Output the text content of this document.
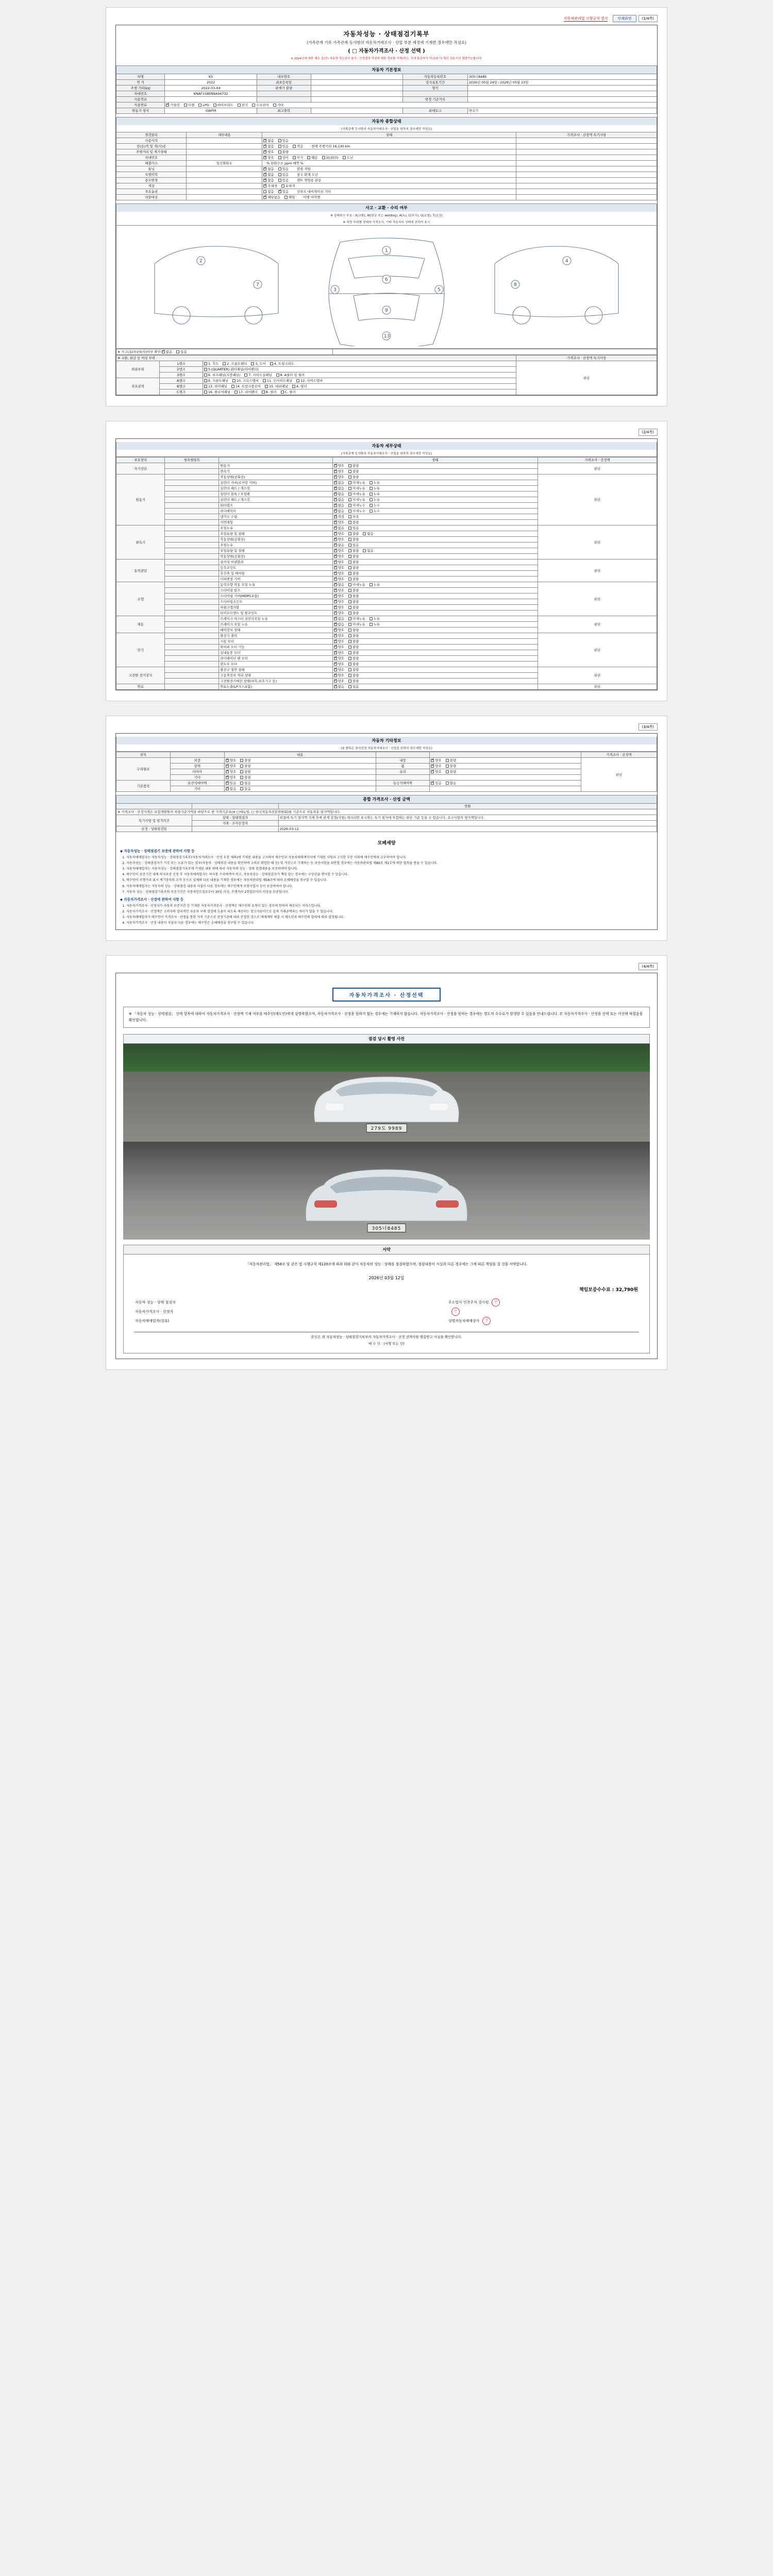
자동차관리법 시행규칙 별지	인쇄화면	(1/4쪽)
자동차성능 · 상태점검기록부
(가족관계 기록 가족관계 등사항의 자동차거래조사 · 산업 부분 제정에 기재한 경우에만 작성요)
( □ 자동차가격조사 · 산정 선택 )
※ 2024년에 대한 제조 공(중) 자동차 성능검사 표시 · 산정결과 작성에 대한 정보를 기재(하고, 국내 통관자가 아닌(표기) 확인·검토서의 생략가능합니다.
자동차 기본정보
차명	K5	내부번호		자동차등록번호	305너8485
연 식	2022	최초등록일		검사유효기간	2026년 05월 24일~2026년 05월 23일
주행 거리(㎞)	2022-03-04	판매가 불량		형식	
차대번호	KNAF1S8EN8A94732				
사용연료				변경 기준가치	
사용연료	✓가솔린 디젤 LPG 하이브리드 전기 수소전지 기타
원동기 형식	GWFM	최고출력		최대토크	변속기
자동차 종합상태
(가족관계 등사항의 자동차거래조사 · 산업을 원하지 경우에만 작성요)
점검항목	세부내용	상태	가격조사 · 산정액 특기사항
사용이력		✓없음 있음	
전(용)적 및 개(사)용		✓없음 있음 적음 현재 주행거리 16,130 km	
주행거리 및 계기상태		✓양호 불량	
차대번호		✓양호 상이 부식 훼손 封(封印) 도난	
배출가스	일산화탄소	% 탄화수소 ppm 매연 %	
튜닝		✓없음 있음 불법 적법	
특별이력		✓없음 있음 침수 화재 도난	
용도변경		✓없음 있음 렌트 영업용 관용	
색상		✓무채색 유채색	
주요옵션		없음 ✓ 있음 선루프 내비게이션 기타	
리콜대상		✓해당없음 해당 이행 미이행	
사고 · 교환 · 수리 여부
※ 상태표시 부호 : X(교환), W(판금 또는 welding), A(녹), C(부식), U(요철), T(손상)
※ 차량 부위별 상태의 가격조사, 기타 자동차의 상태에 관하여 표시
1
6
9
13
3	5
2
7
4
8
※ 사고(유(부)의(사)여부 확인 ✓ 없음	있음	
※ 교환, 판금 등 이상 부위			가격조사 · 산정액 특기사항
외판부위	1랭크	1. 후드 2. 프론트펜더 3. 도어 4. 트렁크리드	판단
	2랭크	5.(QUARTER) 쿼터패널(리어펜더)	
	3랭크	6. 루프패널(지붕패널) 7. 사이드실패널 8. A필러 및 필러	
주요골격	A랭크	9. 프론트패널 10. 크로스멤버 11. 인사이드패널 12. 사이드멤버	
	B랭크	13. 리어패널 14. 트렁크플로어 15. 대쉬패널 A. 필러	
	C랭크	16. 플로어패널 17. 리어펜더 B. 필러 C. 필러	
(2/4쪽)
자동차 세부상태
(가족관계 등사항의 자동차거래조사 · 산업을 원하지 경우에만 작성요)
주요장치	항목별항목		상태	가격조사 · 산정액
자기진단		원동기	✓양호 불량	판단
		변속기	✓양호 불량
원동기		작동상태(공회전)	✓양호 불량	판단
		실린더 커버(로커암 커버)	✓없음 미세누유 누유
		실린더 헤드 / 개스킷	✓없음 미세누유 누유
		실린더 블록 / 오일팬	✓없음 미세누유 누유
		실린더 헤드 / 개스킷	✓없음 미세누유 누유
		워터펌프	✓없음 미세누수 누수
		라디에이터	✓없음 미세누수 누수
		냉각수 수량	✓적정 부족
		커먼레일	✓양호 불량
변속기		오일누유	✓없음 있음	판단
		오일유량 및 상태	✓양호 불량 없음
		작동상태(공회전)	✓양호 불량
		오일누유	✓없음 있음
		오일유량 및 상태	✓양호 불량 없음
		작동상태(공회전)	✓양호 불량
동력전달		클러치 어셈블리	✓양호 불량	판단
		등속조인트	✓양호 불량
		추진축 및 베어링	✓양호 불량
		디퍼렌셜 기어	✓양호 불량
조향		동력조향 작동 오일 누유	✓없음 미세누유 누유	판단
		스티어링 펌프	✓양호 불량
		스티어링 기어(MDPS포함)	✓양호 불량
		스티어링조인트	✓양호 불량
		파워크랭크암	✓양호 불량
		타이로드엔드 및 볼조인트	✓양호 불량
제동		브레이크 마스터 실린더오일 누유	✓없음 미세누유 누유	판단
		브레이크 오일 누유	✓없음 미세누유 누유
		배력장치 상태	✓양호 불량
전기		발전기 출력	✓양호 불량	판단
		시동 모터	✓양호 불량
		와이퍼 모터 기능	✓양호 불량
		실내송풍 모터	✓양호 불량
		라디에이터 팬 모터	✓양호 불량
		윈도우 모터	✓양호 불량
고전원 전기장치		충전구 절연 상태	✓양호 불량	판단
		구동축전지 격리 상태	✓양호 불량
		고전원전기배선 상태(피복,보호기구 등)	✓양호 불량
연료		연료누출(LP가스포함)	✓없음 있음	판단
(3/4쪽)
자동차 기타정보
(② 항목은 물사산정 자동차거래조사 · 산업을 원하지 경우에만 작성요)
항목		내용			가격조사 · 산정액
수리필요	외장	✓양호 불량	내장	✓양호 불량	판단
	광택	✓양호 불량	휠	✓양호 불량
	타이어	✓양호 불량	유리	✓양호 불량
	기타	✓양호 불량		
기본품목	운전석에어백	✓있음 없음	동승석에어백	✓있음 없음
	기타	✓없음 있음		
종합 가격조사 · 산정 금액
		만원
※ 가격조사 · 산정가격은 보험개발원의 차량기준가액을 바탕으로 한 가격기준표(※ □매뉴얼, □ 한국자동차전문위원회)를 기준으로 자동차분 평가액입니다.		
특기사항 및 평가의견	상태 : 상태점검자	판결에 특기 평가액 기재 후에 관계 감점(사항) 체크되면 표시하는 특기 평가에 부합하는 판단 기준 등을 수 있습니다. 요구사항의 평가액입니다.
	거래 · 조사산정자	
산정 · 상태점검일		2026-03-12
모페세양
◆ 자동차성능 · 상태점검기 보증에 관하여 사항 등
1. 자동차매매업자는 자동차성능 · 상태점검기록부(자동차거래조사 · 산정 부분 제외)에 기재된 내용을 고지하여 매수인과 자동차매매계약서에 기재된 사항과 고지한 부분 이외에 매수인에게 교부하여야 합니다.
2. 자동차성능 · 상태점검자가 거짓 또는 오류가 있는 경우(자동차 · 상태점검 내용을 확인하여 고의로 확인한 때 등) 및 거짓으로 기재하는 등 보증사항을 위반할 경우에는 자동차관리법 제80조 제1호에 의한 벌칙을 받을 수 있습니다.
3. 자동차매매업자는 자동차성능 · 상태점검기록부에 기재된 내용 외에 따라 자동차의 성능 · 상태 점검내용을 보증하여야 합니다.
4. 매수인이 보증기간 내에 하자보증 신청 후 자동차매매업자는 하자를 수리하여야 하고, 자동차성능 · 상태점검자가 책임 있는 경우에는 구상권을 행사할 수 있습니다.
5. 매수인이 주행거리 표시 계기장치의 조작 등으로 실제와 다른 내용을 기재한 경우에는 자동차관리법 제58조에 따라 손해배상을 청구할 수 있습니다.
6. 자동차매매업자는 자동차의 성능 · 상태점검 내용과 사실이 다른 경우에는 매수인에게 보험사업자 등이 보상하여야 합니다.
7. 자동차 성능 · 상태점검기록부의 보증기간은 자동차인도일로부터 30일 이상, 주행거리 2천킬로미터 이상을 보증합니다.
◆ 자동차가격조사 · 산정에 관하여 사항 등
1. 자동차가격조사 · 산정자가 자동차 보증기간 등 기재된 자동차가격조사 · 산정액은 매수인의 요청이 있는 경우에 한하여 제공되는 서비스입니다.
2. 자동차가격조사 · 산정액은 소비자의 합리적인 자동차 구매 결정에 도움이 되도록 제공되는 참고자료이므로 실제 거래금액과는 차이가 있을 수 있습니다.
3. 자동차매매업자가 매수인이 가격조사 · 산정을 통한 가격 기준으로 산정기준에 따라 산정한 것으로 매매계약 체결 시 매도인과 매수인의 합의에 따라 결정됩니다.
4. 자동차가격조사 · 산정 내용이 사실과 다른 경우에는 매수인은 손해배상을 청구할 수 있습니다.
(4/4쪽)
자동차가격조사 · 산정선택
※ 「자동차 성능 · 상태점검」 선택 항목에 대하여 자동차가격조사 · 산정액 기재 여부를 매수인(매도인)에게 설명하였으며, 자동차가격조사 · 산정을 원하지 않는 경우에는 기재하지 않습니다. 자동차가격조사 · 산정을 원하는 경우에는 별도의 수수료가 발생할 수 있음을 안내드립니다. 본 자동차가격조사 · 산정을 선택 또는 미선택 하였음을 확인합니다.
점검 당시 촬영 사진
279도 9989
305너8485
서약
「자동차관리법」 제58조 및 같은 법 시행규칙 제120조에 따라 위와 같이 자동차의 성능 · 상태를 점검하였으며, 점검내용이 사실과 다른 경우에는 그에 따른 책임을 질 것을 서약합니다.
2026년 03월 12일
책임보증수수료 : 32,790원
자동차 성능 · 상태 점검자		주소법사 인천주식 검사원 인
자동차가격조사 · 산정자		인
자동차매매업자(상호)		성명자동차매매상사 인
본인은 위 자동차성능 · 상태점검기록부의 자동차가격조사 · 산정 선택사항 명감받고 사실을 확인받니다.
매 수 인 : (서명 또는 인)
